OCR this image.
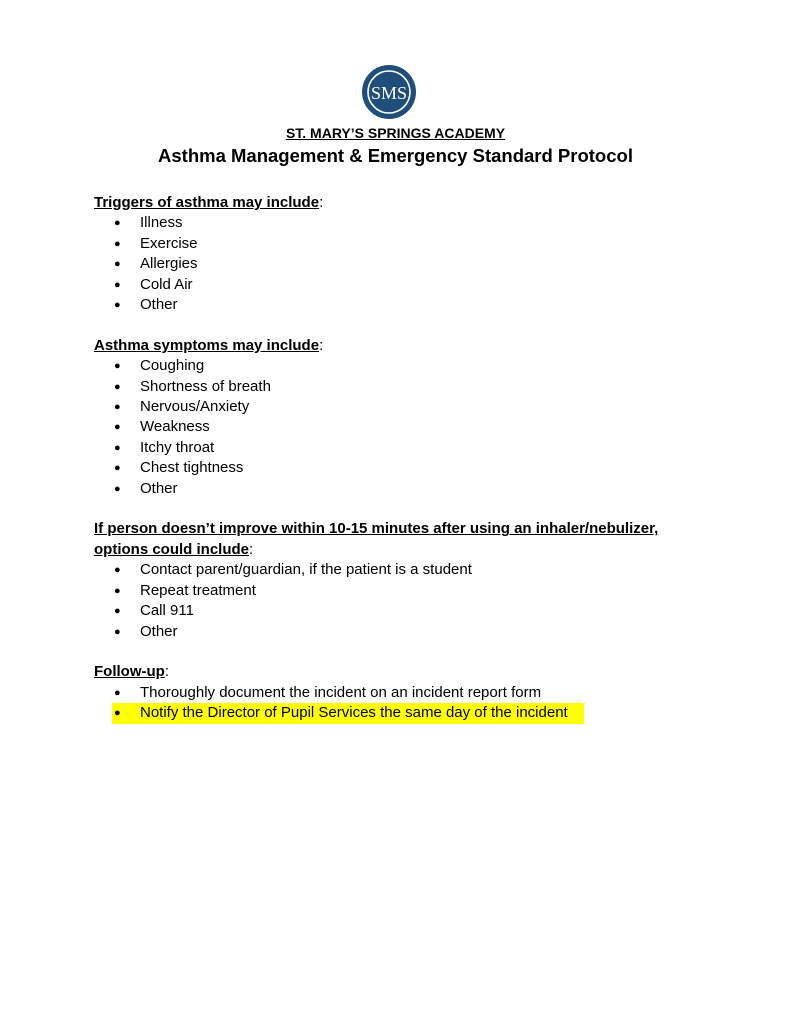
SMS
ST. MARY’S SPRINGS ACADEMY
Asthma Management & Emergency Standard Protocol

Triggers of asthma may include:

● Illness
● Exercise
● Allergies
● Cold Air
● Other

Asthma symptoms may include:

● Coughing
● Shortness of breath
● Nervous/Anxiety
● Weakness
● Itchy throat
● Chest tightness
● Other

If person doesn’t improve within 10-15 minutes after using an inhaler/nebulizer,
options could include:

● Contact parent/guardian, if the patient is a student
● Repeat treatment
● Call 911
● Other

Follow-up:

● Thoroughly document the incident on an incident report form
● Notify the Director of Pupil Services the same day of the incident
